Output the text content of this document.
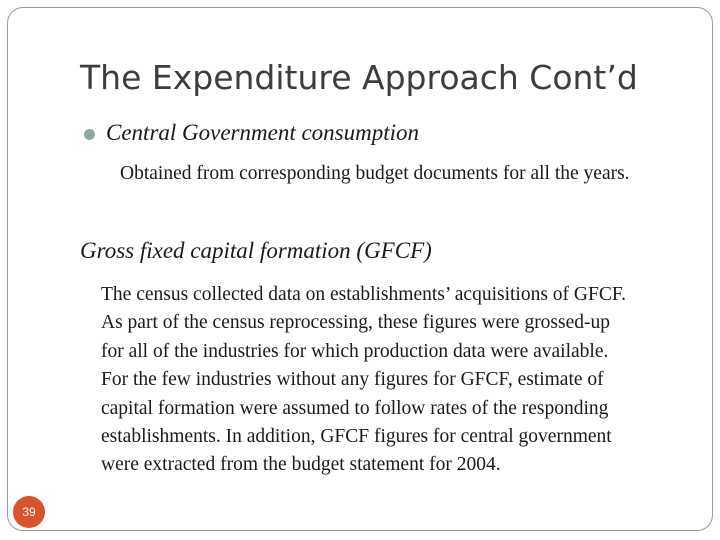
The Expenditure Approach Cont’d
Central Government consumption
Obtained from corresponding budget documents for all the years.
Gross fixed capital formation (GFCF)
The census collected data on establishments’ acquisitions of GFCF.
As part of the census reprocessing, these figures were grossed-up
for all of the industries for which production data were available.
For the few industries without any figures for GFCF, estimate of
capital formation were assumed to follow rates of the responding
establishments. In addition, GFCF figures for central government
were extracted from the budget statement for 2004.
39
